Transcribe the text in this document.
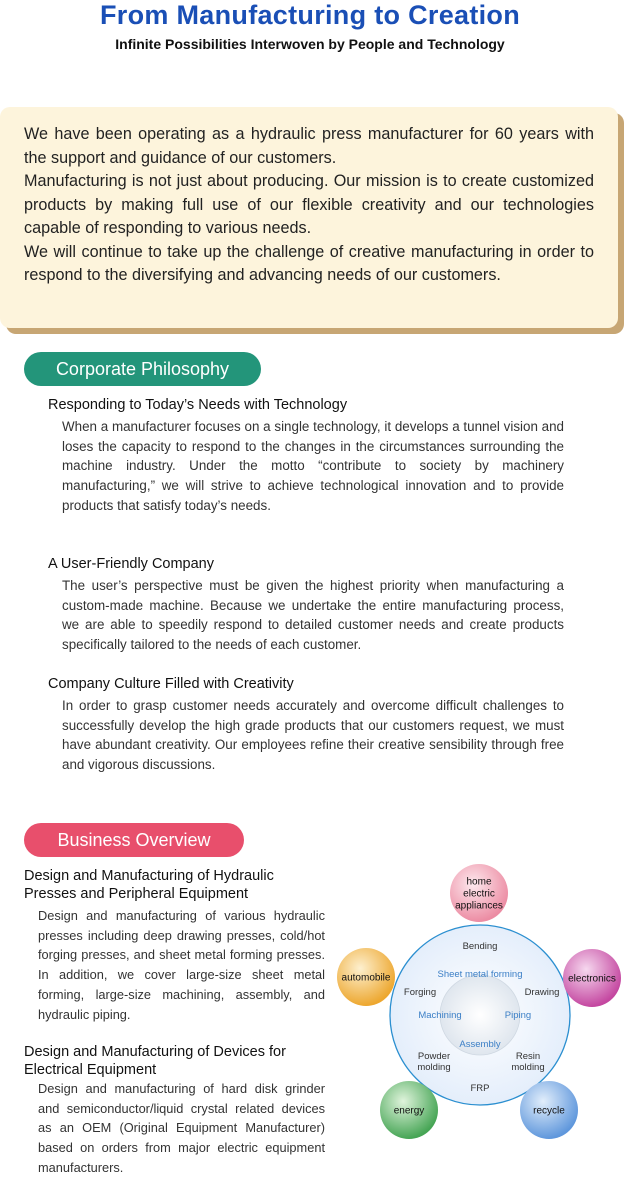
From Manufacturing to Creation
Infinite Possibilities Interwoven by People and Technology

We have been operating as a hydraulic press manufacturer for 60 years with the support and guidance of our customers.

Manufacturing is not just about producing. Our mission is to create customized products by making full use of our flexible creativity and our technologies capable of responding to various needs.

We will continue to take up the challenge of creative manufacturing in order to respond to the diversifying and advancing needs of our customers.

Corporate Philosophy
Responding to Today’s Needs with Technology

When a manufacturer focuses on a single technology, it develops a tunnel vision and loses the capacity to respond to the changes in the circumstances surrounding the machine industry. Under the motto “contribute to society by machinery manufacturing,” we will strive to achieve technological innovation and to provide products that satisfy today’s needs.

A User-Friendly Company

The user’s perspective must be given the highest priority when manufacturing a custom-made machine. Because we undertake the entire manufacturing process, we are able to speedily respond to detailed customer needs and create products specifically tailored to the needs of each customer.

Company Culture Filled with Creativity

In order to grasp customer needs accurately and overcome difficult challenges to successfully develop the high grade products that our customers request, we must have abundant creativity. Our employees refine their creative sensibility through free and vigorous discussions.

Business Overview

Design and Manufacturing of Hydraulic Presses and Peripheral Equipment

Design and manufacturing of various hydraulic presses including deep drawing presses, cold/hot forging presses, and sheet metal forming presses. In addition, we cover large-size sheet metal forming, large-size machining, assembly, and hydraulic piping.

Design and Manufacturing of Devices for Electrical Equipment

Design and manufacturing of hard disk grinder and semiconductor/liquid crystal related devices as an OEM (Original Equipment Manufacturer) based on orders from major electric equipment manufacturers.

Bending
Drawing
Resin molding
FRP
Powder molding
Forging
Sheet metal forming
Machining	Piping
Assembly
home electric appliances
electronics
recycle
energy
automobile
